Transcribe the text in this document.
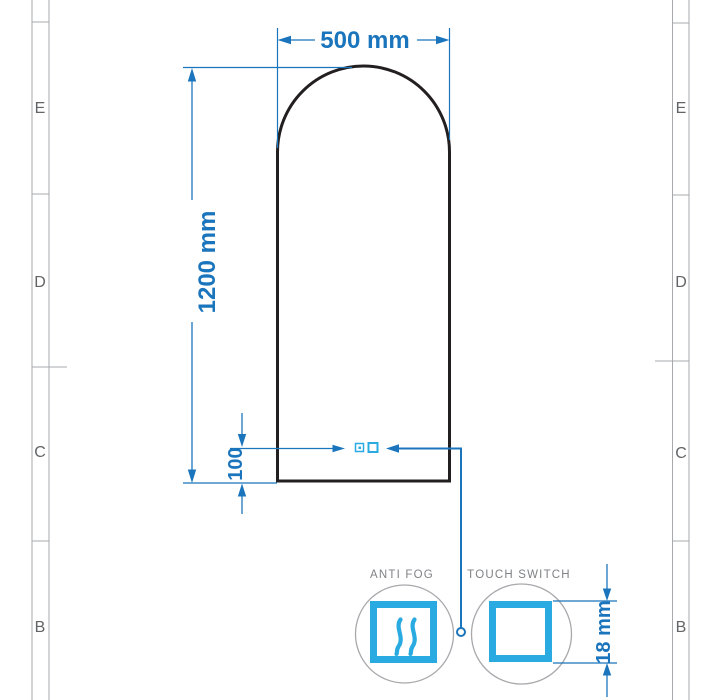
E
D
C
B
E
D
C
B
500 mm
1200 mm
100
ANTI FOG	TOUCH SWITCH
18 mm
